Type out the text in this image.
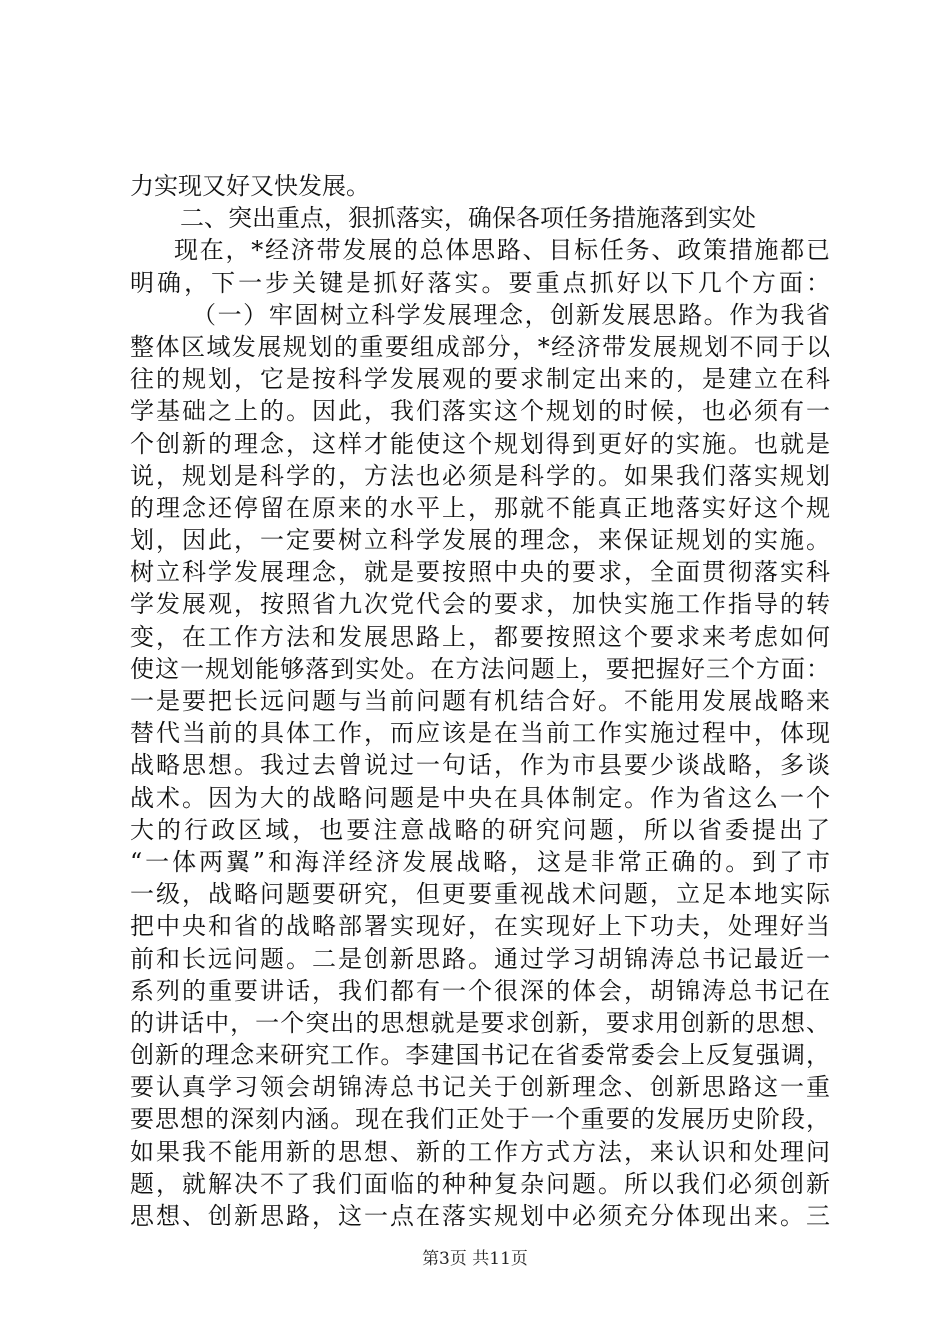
力实现又好又快发展。
二、突出重点，狠抓落实，确保各项任务措施落到实处
现在，*经济带发展的总体思路、目标任务、政策措施都已
明确，下一步关键是抓好落实。要重点抓好以下几个方面：
（一）牢固树立科学发展理念，创新发展思路。作为我省
整体区域发展规划的重要组成部分，*经济带发展规划不同于以
往的规划，它是按科学发展观的要求制定出来的，是建立在科
学基础之上的。因此，我们落实这个规划的时候，也必须有一
个创新的理念，这样才能使这个规划得到更好的实施。也就是
说，规划是科学的，方法也必须是科学的。如果我们落实规划
的理念还停留在原来的水平上，那就不能真正地落实好这个规
划，因此，一定要树立科学发展的理念，来保证规划的实施。
树立科学发展理念，就是要按照中央的要求，全面贯彻落实科
学发展观，按照省九次党代会的要求，加快实施工作指导的转
变，在工作方法和发展思路上，都要按照这个要求来考虑如何
使这一规划能够落到实处。在方法问题上，要把握好三个方面：
一是要把长远问题与当前问题有机结合好。不能用发展战略来
替代当前的具体工作，而应该是在当前工作实施过程中，体现
战略思想。我过去曾说过一句话，作为市县要少谈战略，多谈
战术。因为大的战略问题是中央在具体制定。作为省这么一个
大的行政区域，也要注意战略的研究问题，所以省委提出了
“一体两翼”和海洋经济发展战略，这是非常正确的。到了市
一级，战略问题要研究，但更要重视战术问题，立足本地实际
把中央和省的战略部署实现好，在实现好上下功夫，处理好当
前和长远问题。二是创新思路。通过学习胡锦涛总书记最近一
系列的重要讲话，我们都有一个很深的体会，胡锦涛总书记在
的讲话中，一个突出的思想就是要求创新，要求用创新的思想、
创新的理念来研究工作。李建国书记在省委常委会上反复强调，
要认真学习领会胡锦涛总书记关于创新理念、创新思路这一重
要思想的深刻内涵。现在我们正处于一个重要的发展历史阶段，
如果我不能用新的思想、新的工作方式方法，来认识和处理问
题，就解决不了我们面临的种种复杂问题。所以我们必须创新
思想、创新思路，这一点在落实规划中必须充分体现出来。三
第3页 共11页
